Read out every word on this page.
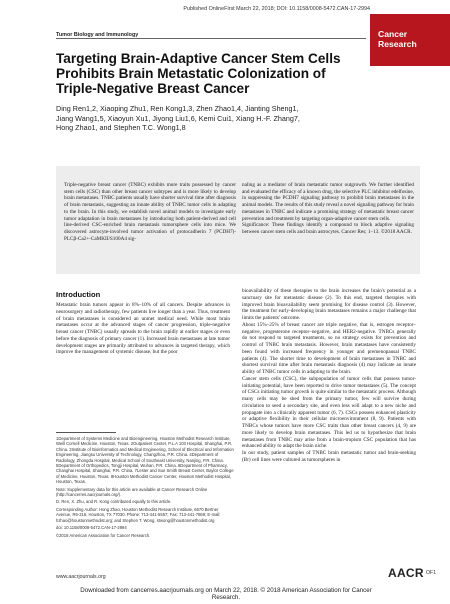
Published OnlineFirst March 22, 2018; DOI: 10.1158/0008-5472.CAN-17-2994
Cancer
Research
Tumor Biology and Immunology
Targeting Brain-Adaptive Cancer Stem Cells
Prohibits Brain Metastatic Colonization of
Triple-Negative Breast Cancer
Ding Ren1,2, Xiaoping Zhu1, Ren Kong1,3, Zhen Zhao1,4, Jianting Sheng1,
Jiang Wang1,5, Xiaoyun Xu1, Jiyong Liu1,6, Kemi Cui1, Xiang H.-F. Zhang7,
Hong Zhao1, and Stephen T.C. Wong1,8

Triple-negative breast cancer (TNBC) exhibits more traits possessed by cancer stem cells (CSC) than other breast cancer subtypes and is more likely to develop brain metastases. TNBC patients usually have shorter survival time after diagnosis of brain metastasis, suggesting an innate ability of TNBC tumor cells in adapting to the brain. In this study, we establish novel animal models to investigate early tumor adaptation in brain metastases by introducing both patient-derived and cell line-derived CSC-enriched brain metastasis tumorsphere cells into mice. We discovered astrocyte-involved tumor activation of protocadherin 7 (PCDH7)-PLCβ-Ca2+-CaMKII/S100A4 sig-

naling as a mediator of brain metastatic tumor outgrowth. We further identified and evaluated the efficacy of a known drug, the selective PLC inhibitor edelfosine, in suppressing the PCDH7 signaling pathway to prohibit brain metastases in the animal models. The results of this study reveal a novel signaling pathway for brain metastases in TNBC and indicate a promising strategy of metastatic breast cancer prevention and treatment by targeting organ-adaptive cancer stem cells.

Significance: These findings identify a compound to block adaptive signaling between cancer stem cells and brain astrocytes. Cancer Res; 1–13. ©2018 AACR.

Introduction

Metastatic brain tumors appear in 8%–10% of all cancers. Despite advances in neurosurgery and radiotherapy, few patients live longer than a year. Thus, treatment of brain metastases is considered an unmet medical need. While most brain metastases occur at the advanced stages of cancer progression, triple-negative breast cancer (TNBC) usually spreads to the brain rapidly at earlier stages or even before the diagnosis of primary cancer (1). Increased brain metastases at late tumor development stages are primarily attributed to advances in targeted therapy, which improve the management of systemic disease, but the poor

bioavailability of these therapies to the brain increases the brain's potential as a sanctuary site for metastatic disease (2). To this end, targeted therapies with improved brain bioavailability seem promising for disease control (3). However, the treatment for early-developing brain metastases remains a major challenge that limits the patients' outcome.

About 15%–25% of breast cancer are triple negative, that is, estrogen receptor–negative, progesterone receptor–negative, and HER2-negative. TNBCs generally do not respond to targeted treatments, so no strategy exists for prevention and control of TNBC brain metastasis. However, brain metastases have consistently been found with increased frequency in younger and premenopausal TNBC patients (4). The shorter time to development of brain metastases in TNBC and shortest survival time after brain metastasis diagnosis (4) may indicate an innate ability of TNBC tumor cells in adapting to the brain.

Cancer stem cells (CSC), the subpopulation of tumor cells that possess tumor-initiating potential, have been reported to drive tumor metastases (5). The concept of CSCs initiating tumor growth is quite similar to the metastatic process. Although many cells may be shed from the primary tumor, few will survive during circulation to seed a secondary site, and even less will adapt to a new niche and propagate into a clinically apparent tumor (6, 7). CSCs possess enhanced plasticity or adaptive flexibility in their cellular microenvironment (8, 9). Patients with TNBCs whose tumors have more CSC traits than other breast cancers (4, 9) are more likely to develop brain metastases. This led us to hypothesize that brain metastases from TNBC may arise from a brain-tropism CSC population that has enhanced ability to adapt the brain niche.

In our study, patient samples of TNBC brain metastatic tumor and brain-seeking (Br) cell lines were cultured as tumorspheres in

1Department of Systems Medicine and Bioengineering, Houston Methodist Research Institute, Weill Cornell Medicine, Houston, Texas. 2Outpatient Center, P.L.A 103 Hospital, Shanghai, P.R. China. 3Institute of Bioinformatics and Medical Engineering, School of Electrical and Information Engineering, Jiangsu University of Technology, Changzhou, P.R. China. 4Department of Radiology, Zhongda Hospital, Medical School of Southeast University, Nanjing, P.R. China. 5Department of Orthopedics, Tongji Hospital, Wuhan, P.R. China. 6Department of Pharmacy, Changhai Hospital, Shanghai, P.R. China. 7Lester and Sue Smith Breast Center, Baylor College of Medicine, Houston, Texas. 8Houston Methodist Cancer Center, Houston Methodist Hospital, Houston, Texas.

Note: Supplementary data for this article are available at Cancer Research Online (http://cancerres.aacrjournals.org/).

D. Ren, X. Zhu, and R. Kong contributed equally to this article.

Corresponding Author: Hong Zhao, Houston Methodist Research Institute, 6670 Bertner Avenue, R6-216, Houston, TX 77030. Phone: 713-441-5557; Fax: 713-441-7869; E-mail: hzhao@houstonmethodist.org; and Stephen T. Wong, stwong@houstonmethodist.org

doi: 10.1158/0008-5472.CAN-17-2994

©2018 American Association for Cancer Research.

www.aacrjournals.org	AACR OF1
Downloaded from cancerres.aacrjournals.org on March 22, 2018. © 2018 American Association for Cancer
Research.
